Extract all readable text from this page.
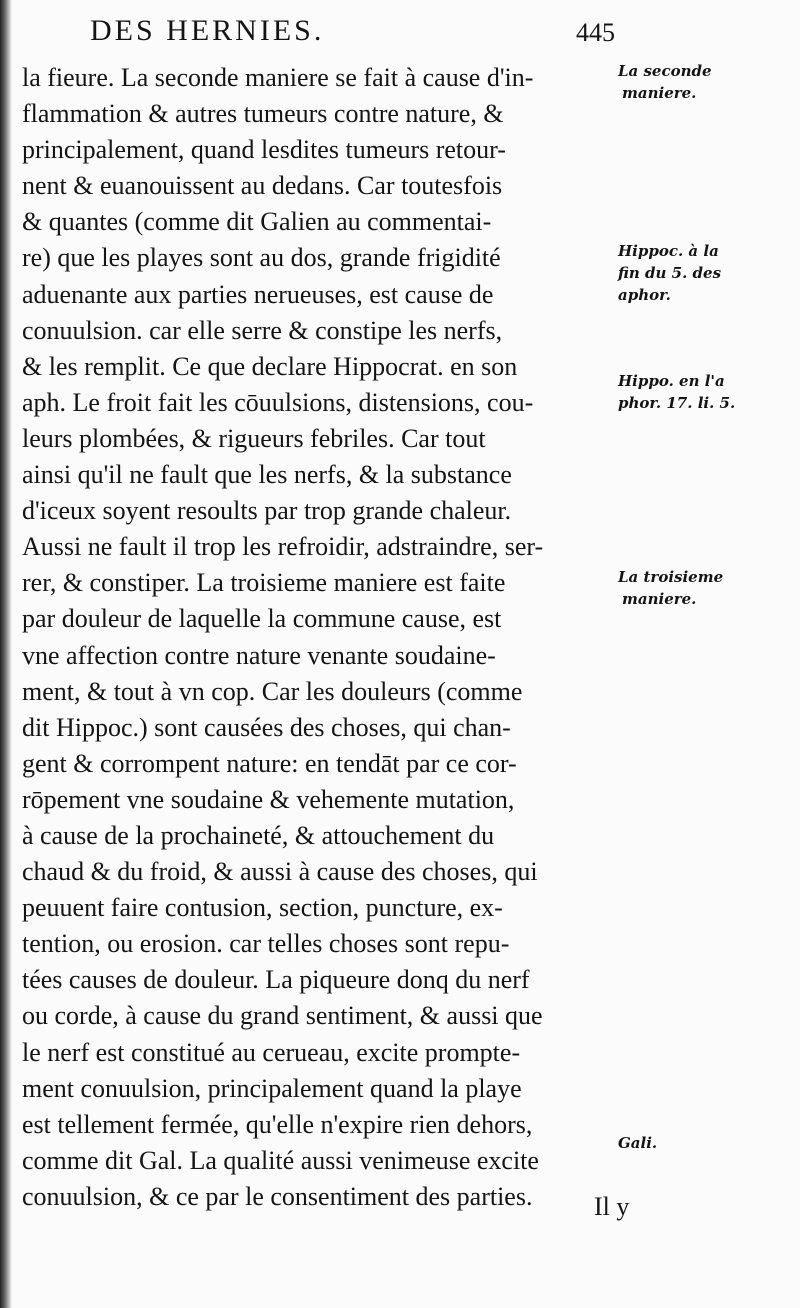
DES HERNIES.	445
la fieure. La seconde maniere se fait à cause d'in-
flammation & autres tumeurs contre nature, &
principalement, quand lesdites tumeurs retour-
nent & euanouissent au dedans. Car toutesfois
& quantes (comme dit Galien au commentai-
re) que les playes sont au dos, grande frigidité
aduenante aux parties nerueuses, est cause de
conuulsion. car elle serre & constipe les nerfs,
& les remplit. Ce que declare Hippocrat. en son
aph. Le froit fait les cōuulsions, distensions, cou-
leurs plombées, & rigueurs febriles. Car tout
ainsi qu'il ne fault que les nerfs, & la substance
d'iceux soyent resoults par trop grande chaleur.
Aussi ne fault il trop les refroidir, adstraindre, ser-
rer, & constiper. La troisieme maniere est faite
par douleur de laquelle la commune cause, est
vne affection contre nature venante soudaine-
ment, & tout à vn cop. Car les douleurs (comme
dit Hippoc.) sont causées des choses, qui chan-
gent & corrompent nature: en tendāt par ce cor-
rōpement vne soudaine & vehemente mutation,
à cause de la prochaineté, & attouchement du
chaud & du froid, & aussi à cause des choses, qui
peuuent faire contusion, section, puncture, ex-
tention, ou erosion. car telles choses sont repu-
tées causes de douleur. La piqueure donq du nerf
ou corde, à cause du grand sentiment, & aussi que
le nerf est constitué au cerueau, excite prompte-
ment conuulsion, principalement quand la playe
est tellement fermée, qu'elle n'expire rien dehors,
comme dit Gal. La qualité aussi venimeuse excite
conuulsion, & ce par le consentiment des parties.
La seconde
maniere.
Hippoc. à la
fin du 5. des
aphor.
Hippo. en l'a
phor. 17. li. 5.
La troisieme
maniere.
Gali.
Il y
